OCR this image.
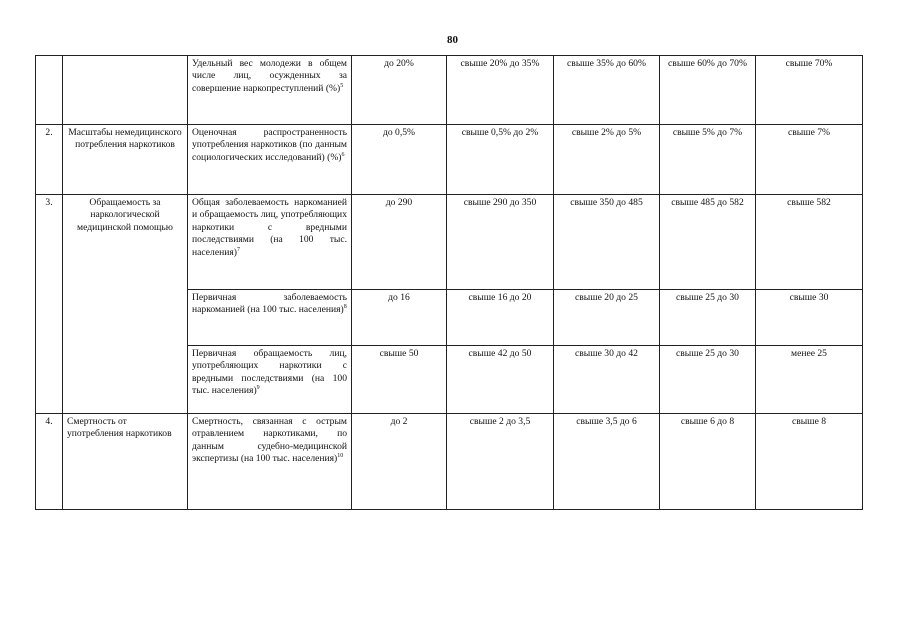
80
		Удельный вес молодежи в общем числе лиц, осужденных за совершение наркопреступлений (%)$^5$	до 20%	свыше 20% до 35%	свыше 35% до 60%	свыше 60% до 70%	свыше 70%
2.	Масштабы немедицинского потребления наркотиков	Оценочная распространенность употребления наркотиков (по данным социологических исследований) (%)$^6$	до 0,5%	свыше 0,5% до 2%	свыше 2% до 5%	свыше 5% до 7%	свыше 7%
3.	Обращаемость за наркологической медицинской помощью	Общая заболеваемость наркоманией и обращаемость лиц, употребляющих наркотики с вредными последствиями (на 100 тыс. населения)$^7$	до 290	свыше 290 до 350	свыше 350 до 485	свыше 485 до 582	свыше 582
		Первичная заболеваемость наркоманией (на 100 тыс. населения)$^8$	до 16	свыше 16 до 20	свыше 20 до 25	свыше 25 до 30	свыше 30
		Первичная обращаемость лиц, употребляющих наркотики с вредными последствиями (на 100 тыс. населения)$^9$	свыше 50	свыше 42 до 50	свыше 30 до 42	свыше 25 до 30	менее 25
4.	Смертность от употребления наркотиков	Смертность, связанная с острым отравлением наркотиками, по данным судебно-медицинской экспертизы (на 100 тыс. населения)$^{10}$	до 2	свыше 2 до 3,5	свыше 3,5 до 6	свыше 6 до 8	свыше 8
